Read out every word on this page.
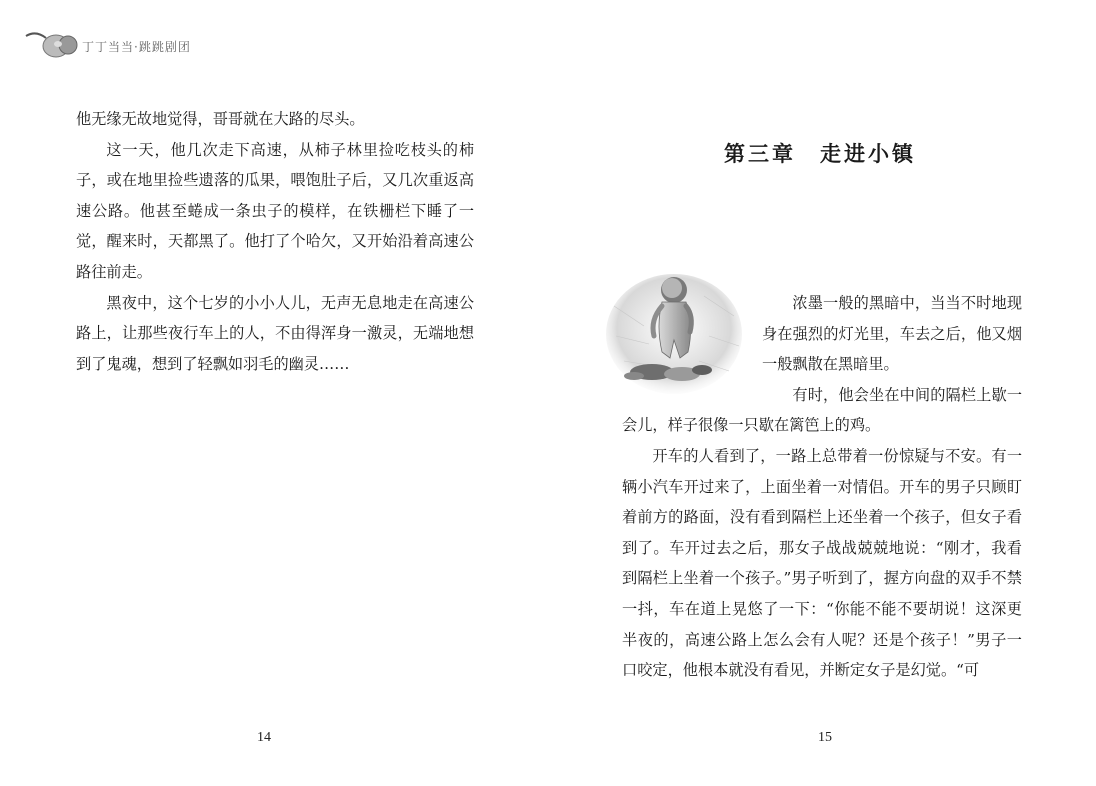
丁丁当当·跳跳剧团

他无缘无故地觉得，哥哥就在大路的尽头。

这一天，他几次走下高速，从柿子林里捡吃枝头的柿子，或在地里捡些遗落的瓜果，喂饱肚子后，又几次重返高速公路。他甚至蜷成一条虫子的模样，在铁栅栏下睡了一觉，醒来时，天都黑了。他打了个哈欠，又开始沿着高速公路往前走。

黑夜中，这个七岁的小小人儿，无声无息地走在高速公路上，让那些夜行车上的人，不由得浑身一激灵，无端地想到了鬼魂，想到了轻飘如羽毛的幽灵……

第三章　走进小镇

浓墨一般的黑暗中，当当不时地现身在强烈的灯光里，车去之后，他又烟一般飘散在黑暗里。

有时，他会坐在中间的隔栏上歇一会儿，样子很像一只歇在篱笆上的鸡。

开车的人看到了，一路上总带着一份惊疑与不安。有一辆小汽车开过来了，上面坐着一对情侣。开车的男子只顾盯着前方的路面，没有看到隔栏上还坐着一个孩子，但女子看到了。车开过去之后，那女子战战兢兢地说：“刚才，我看到隔栏上坐着一个孩子。”男子听到了，握方向盘的双手不禁一抖，车在道上晃悠了一下：“你能不能不要胡说！这深更半夜的，高速公路上怎么会有人呢？还是个孩子！”男子一口咬定，他根本就没有看见，并断定女子是幻觉。“可

14	15
